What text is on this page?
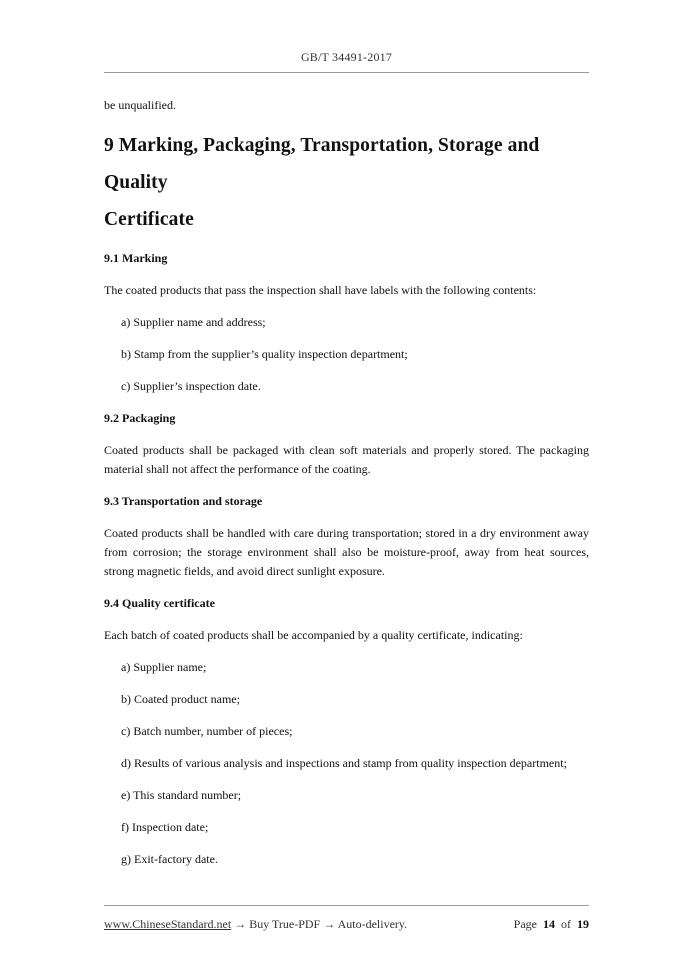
GB/T 34491-2017

be unqualified.

9 Marking, Packaging, Transportation, Storage and Quality
Certificate

9.1 Marking

The coated products that pass the inspection shall have labels with the following contents:

a) Supplier name and address;

b) Stamp from the supplier’s quality inspection department;

c) Supplier’s inspection date.

9.2 Packaging

Coated products shall be packaged with clean soft materials and properly stored. The packaging material shall not affect the performance of the coating.

9.3 Transportation and storage

Coated products shall be handled with care during transportation; stored in a dry environment away from corrosion; the storage environment shall also be moisture-proof, away from heat sources, strong magnetic fields, and avoid direct sunlight exposure.

9.4 Quality certificate

Each batch of coated products shall be accompanied by a quality certificate, indicating:

a) Supplier name;

b) Coated product name;

c) Batch number, number of pieces;

d) Results of various analysis and inspections and stamp from quality inspection department;

e) This standard number;

f) Inspection date;

g) Exit-factory date.

www.ChineseStandard.net → Buy True-PDF → Auto-delivery.	Page 14 of 19
